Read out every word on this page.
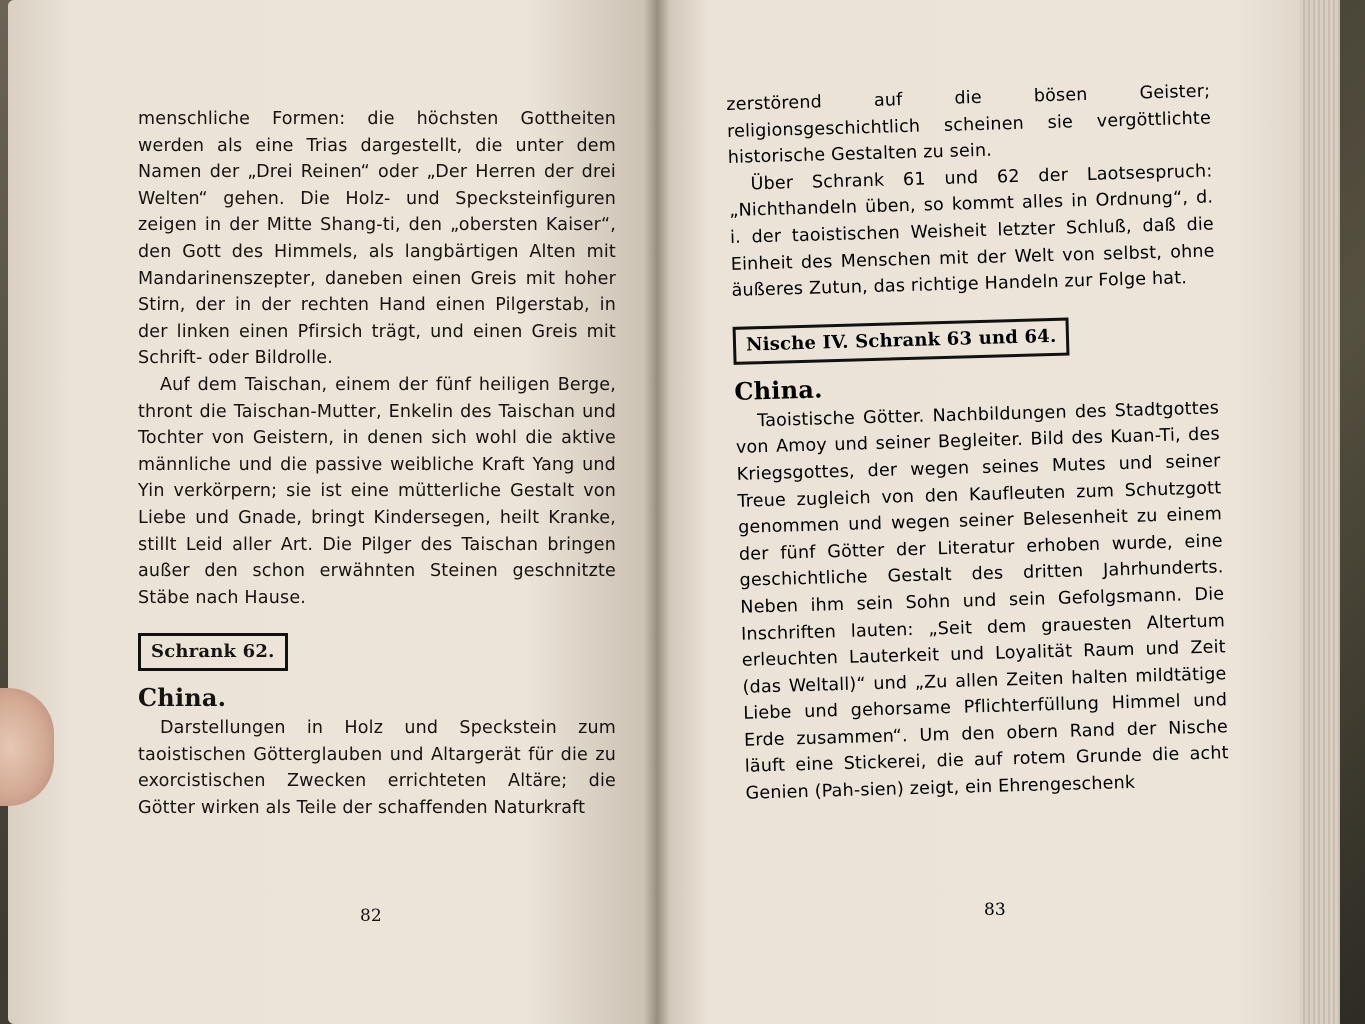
menschliche Formen: die höchsten Gottheiten werden als eine Trias dargestellt, die unter dem Namen der „Drei Reinen“ oder „Der Herren der drei Welten“ gehen. Die Holz- und Specksteinfiguren zeigen in der Mitte Shang-ti, den „obersten Kaiser“, den Gott des Himmels, als langbärtigen Alten mit Mandarinenszepter, daneben einen Greis mit hoher Stirn, der in der rechten Hand einen Pilgerstab, in der linken einen Pfirsich trägt, und einen Greis mit Schrift- oder Bildrolle.

Auf dem Taischan, einem der fünf heiligen Berge, thront die Taischan-Mutter, Enkelin des Taischan und Tochter von Geistern, in denen sich wohl die aktive männliche und die passive weibliche Kraft Yang und Yin verkörpern; sie ist eine mütterliche Gestalt von Liebe und Gnade, bringt Kindersegen, heilt Kranke, stillt Leid aller Art. Die Pilger des Taischan bringen außer den schon erwähnten Steinen geschnitzte Stäbe nach Hause.

Schrank 62.
China.

Darstellungen in Holz und Speckstein zum taoistischen Götterglauben und Altargerät für die zu exorcistischen Zwecken errichteten Altäre; die Götter wirken als Teile der schaffenden Naturkraft

82

zerstörend auf die bösen Geister; religionsgeschichtlich scheinen sie vergöttlichte historische Gestalten zu sein.

Über Schrank 61 und 62 der Laotsespruch: „Nichthandeln üben, so kommt alles in Ordnung“, d. i. der taoistischen Weisheit letzter Schluß, daß die Einheit des Menschen mit der Welt von selbst, ohne äußeres Zutun, das richtige Handeln zur Folge hat.

Nische IV. Schrank 63 und 64.
China.

Taoistische Götter. Nachbildungen des Stadtgottes von Amoy und seiner Begleiter. Bild des Kuan-Ti, des Kriegsgottes, der wegen seines Mutes und seiner Treue zugleich von den Kaufleuten zum Schutzgott genommen und wegen seiner Belesenheit zu einem der fünf Götter der Literatur erhoben wurde, eine geschichtliche Gestalt des dritten Jahrhunderts. Neben ihm sein Sohn und sein Gefolgsmann. Die Inschriften lauten: „Seit dem grauesten Altertum erleuchten Lauterkeit und Loyalität Raum und Zeit (das Weltall)“ und „Zu allen Zeiten halten mildtätige Liebe und gehorsame Pflichterfüllung Himmel und Erde zusammen“. Um den obern Rand der Nische läuft eine Stickerei, die auf rotem Grunde die acht Genien (Pah-sien) zeigt, ein Ehrengeschenk

83
